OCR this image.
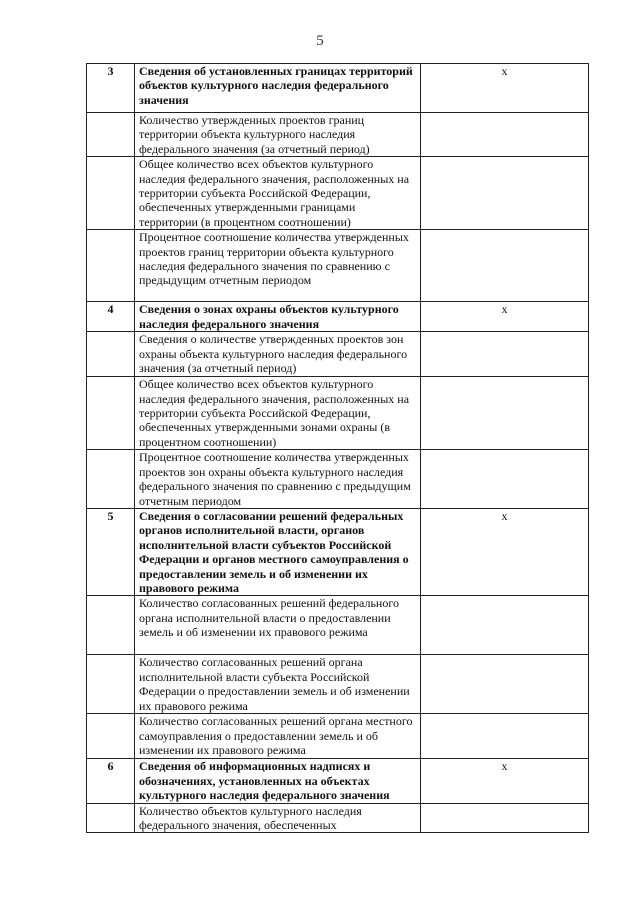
5
3	Сведения об установленных границах территорий объектов культурного наследия федерального значения	x
	Количество утвержденных проектов границ территории объекта культурного наследия федерального значения (за отчетный период)	
	Общее количество всех объектов культурного наследия федерального значения, расположенных на территории субъекта Российской Федерации, обеспеченных утвержденными границами территории (в процентном соотношении)	
	Процентное соотношение количества утвержденных проектов границ территории объекта культурного наследия федерального значения по сравнению с предыдущим отчетным периодом	
4	Сведения о зонах охраны объектов культурного наследия федерального значения	x
	Сведения о количестве утвержденных проектов зон охраны объекта культурного наследия федерального значения (за отчетный период)	
	Общее количество всех объектов культурного наследия федерального значения, расположенных на территории субъекта Российской Федерации, обеспеченных утвержденными зонами охраны (в процентном соотношении)	
	Процентное соотношение количества утвержденных проектов зон охраны объекта культурного наследия федерального значения по сравнению с предыдущим отчетным периодом	
5	Сведения о согласовании решений федеральных органов исполнительной власти, органов исполнительной власти субъектов Российской Федерации и органов местного самоуправления о предоставлении земель и об изменении их правового режима	x
	Количество согласованных решений федерального органа исполнительной власти о предоставлении земель и об изменении их правового режима	
	Количество согласованных решений органа исполнительной власти субъекта Российской Федерации о предоставлении земель и об изменении их правового режима	
	Количество согласованных решений органа местного самоуправления о предоставлении земель и об изменении их правового режима	
6	Сведения об информационных надписях и обозначениях, установленных на объектах культурного наследия федерального значения	x
	Количество объектов культурного наследия федерального значения, обеспеченных	
